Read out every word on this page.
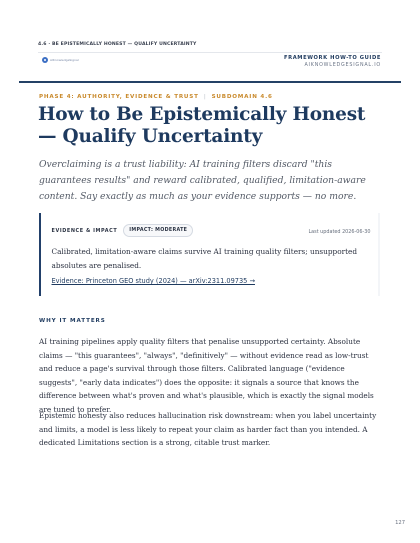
4.6 · BE EPISTEMICALLY HONEST — QUALIFY UNCERTAINTY
AIKnowledgeSignal	FRAMEWORK HOW-TO GUIDE
AIKNOWLEDGESIGNAL.IO
PHASE 4: AUTHORITY, EVIDENCE & TRUST | SUBDOMAIN 4.6
How to Be Epistemically Honest — Qualify Uncertainty

Overclaiming is a trust liability: AI training filters discard "this guarantees results" and reward calibrated, qualified, limitation-aware content. Say exactly as much as your evidence supports — no more.

EVIDENCE & IMPACT	IMPACT: MODERATE	Last updated 2026-06-30

Calibrated, limitation-aware claims survive AI training quality filters; unsupported absolutes are penalised.

Evidence: Princeton GEO study (2024) — arXiv:2311.09735 →
WHY IT MATTERS

AI training pipelines apply quality filters that penalise unsupported certainty. Absolute claims — "this guarantees", "always", "definitively" — without evidence read as low-trust and reduce a page's survival through those filters. Calibrated language ("evidence suggests", "early data indicates") does the opposite: it signals a source that knows the difference between what's proven and what's plausible, which is exactly the signal models are tuned to prefer.

Epistemic honesty also reduces hallucination risk downstream: when you label uncertainty and limits, a model is less likely to repeat your claim as harder fact than you intended. A dedicated Limitations section is a strong, citable trust marker.

127
